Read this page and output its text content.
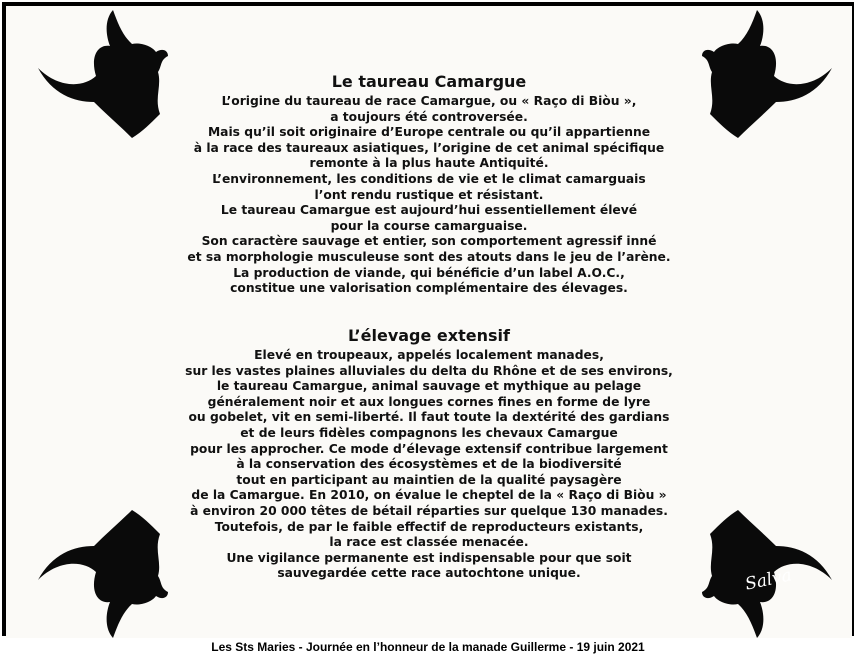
Le taureau Camargue
L’origine du taureau de race Camargue, ou « Raço di Biòu »,
a toujours été controversée.
Mais qu’il soit originaire d’Europe centrale ou qu’il appartienne
à la race des taureaux asiatiques, l’origine de cet animal spécifique
remonte à la plus haute Antiquité.
L’environnement, les conditions de vie et le climat camarguais
l’ont rendu rustique et résistant.
Le taureau Camargue est aujourd’hui essentiellement élevé
pour la course camarguaise.
Son caractère sauvage et entier, son comportement agressif inné
et sa morphologie musculeuse sont des atouts dans le jeu de l’arène.
La production de viande, qui bénéficie d’un label A.O.C.,
constitue une valorisation complémentaire des élevages.
L’élevage extensif
Elevé en troupeaux, appelés localement manades,
sur les vastes plaines alluviales du delta du Rhône et de ses environs,
le taureau Camargue, animal sauvage et mythique au pelage
généralement noir et aux longues cornes fines en forme de lyre
ou gobelet, vit en semi-liberté. Il faut toute la dextérité des gardians
et de leurs fidèles compagnons les chevaux Camargue
pour les approcher. Ce mode d’élevage extensif contribue largement
à la conservation des écosystèmes et de la biodiversité
tout en participant au maintien de la qualité paysagère
de la Camargue. En 2010, on évalue le cheptel de la « Raço di Biòu »
à environ 20 000 têtes de bétail réparties sur quelque 130 manades.
Toutefois, de par le faible effectif de reproducteurs existants,
la race est classée menacée.
Une vigilance permanente est indispensable pour que soit
sauvegardée cette race autochtone unique.	Salva
Les Sts Maries - Journée en l’honneur de la manade Guillerme - 19 juin 2021
